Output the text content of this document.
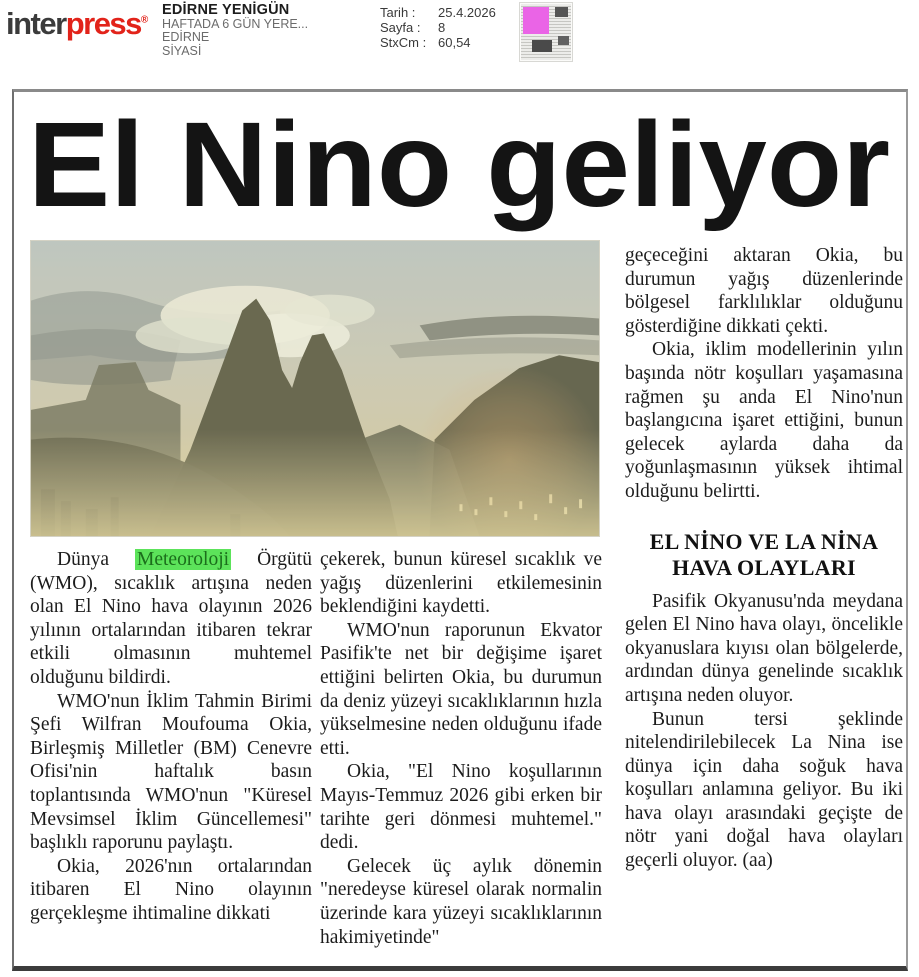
interpress®
EDİRNE YENİGÜN
HAFTADA 6 GÜN YERE...
EDİRNE
SİYASİ
Tarih :	25.4.2026
Sayfa :	8
StxCm : 60,54
El Nino geliyor

Dünya Meteoroloji Örgütü (WMO), sıcaklık artışına neden olan El Nino hava olayının 2026 yılının ortalarından itibaren tekrar etkili olmasının muhtemel olduğunu bildirdi.

WMO'nun İklim Tahmin Birimi Şefi Wilfran Moufouma Okia, Birleşmiş Milletler (BM) Cenevre Ofisi'nin haftalık basın toplantısında WMO'nun "Küresel Mevsimsel İklim Güncellemesi" başlıklı raporunu paylaştı.

Okia, 2026'nın ortalarından itibaren El Nino olayının gerçekleşme ihtimaline dikkati

çekerek, bunun küresel sıcaklık ve yağış düzenlerini etkilemesinin beklendiğini kaydetti.

WMO'nun raporunun Ekvator Pasifik'te net bir değişime işaret ettiğini belirten Okia, bu durumun da deniz yüzeyi sıcaklıklarının hızla yükselmesine neden olduğunu ifade etti.

Okia, "El Nino koşullarının Mayıs-Temmuz 2026 gibi erken bir tarihte geri dönmesi muhtemel." dedi.

Gelecek üç aylık dönemin "neredeyse küresel olarak normalin üzerinde kara yüzeyi sıcaklıklarının hakimiyetinde"

geçeceğini aktaran Okia, bu durumun yağış düzenlerinde bölgesel farklılıklar olduğunu gösterdiğine dikkati çekti.

Okia, iklim modellerinin yılın başında nötr koşulları yaşamasına rağmen şu anda El Nino'nun başlangıcına işaret ettiğini, bunun gelecek aylarda daha da yoğunlaşmasının yüksek ihtimal olduğunu belirtti.

EL NİNO VE LA NİNA
HAVA OLAYLARI

Pasifik Okyanusu'nda meydana gelen El Nino hava olayı, öncelikle okyanuslara kıyısı olan bölgelerde, ardından dünya genelinde sıcaklık artışına neden oluyor.

Bunun tersi şeklinde nitelendirilebilecek La Nina ise dünya için daha soğuk hava koşulları anlamına geliyor. Bu iki hava olayı arasındaki geçişte de nötr yani doğal hava olayları geçerli oluyor. (aa)
